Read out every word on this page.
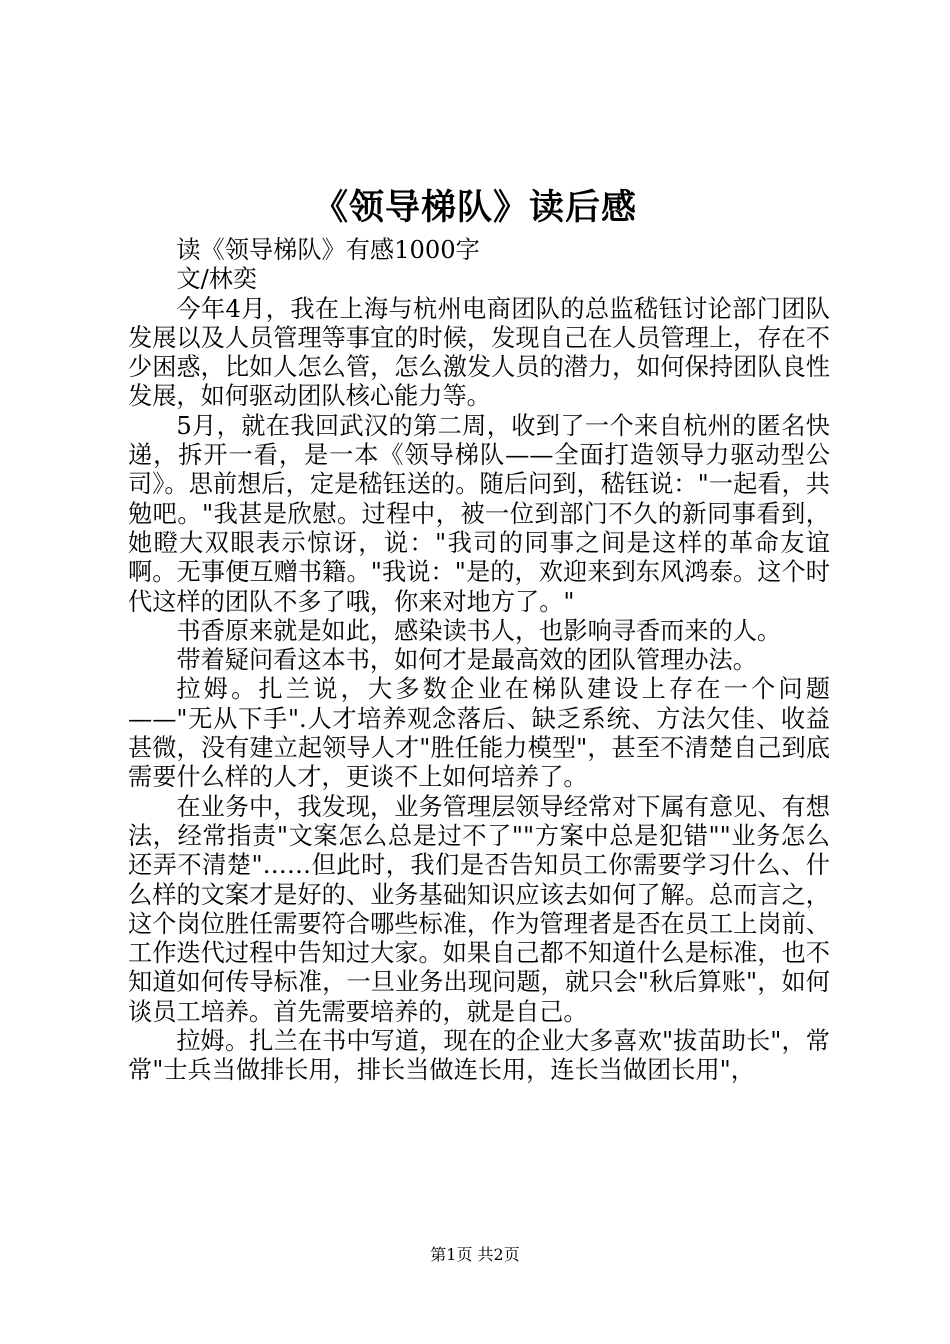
《领导梯队》读后感

读《领导梯队》有感1000字

文/林奕

今年4月，我在上海与杭州电商团队的总监嵇钰讨论部门团队发展以及人员管理等事宜的时候，发现自己在人员管理上，存在不少困惑，比如人怎么管，怎么激发人员的潜力，如何保持团队良性发展，如何驱动团队核心能力等。

5月，就在我回武汉的第二周，收到了一个来自杭州的匿名快递，拆开一看，是一本《领导梯队——全面打造领导力驱动型公司》。思前想后，定是嵇钰送的。随后问到，嵇钰说："一起看，共勉吧。"我甚是欣慰。过程中，被一位到部门不久的新同事看到，她瞪大双眼表示惊讶，说："我司的同事之间是这样的革命友谊啊。无事便互赠书籍。"我说："是的，欢迎来到东风鸿泰。这个时代这样的团队不多了哦，你来对地方了。"

书香原来就是如此，感染读书人，也影响寻香而来的人。

带着疑问看这本书，如何才是最高效的团队管理办法。

拉姆。扎兰说，大多数企业在梯队建设上存在一个问题——"无从下手".人才培养观念落后、缺乏系统、方法欠佳、收益甚微，没有建立起领导人才"胜任能力模型"，甚至不清楚自己到底需要什么样的人才，更谈不上如何培养了。

在业务中，我发现，业务管理层领导经常对下属有意见、有想法，经常指责"文案怎么总是过不了""方案中总是犯错""业务怎么还弄不清楚"……但此时，我们是否告知员工你需要学习什么、什么样的文案才是好的、业务基础知识应该去如何了解。总而言之，这个岗位胜任需要符合哪些标准，作为管理者是否在员工上岗前、工作迭代过程中告知过大家。如果自己都不知道什么是标准，也不知道如何传导标准，一旦业务出现问题，就只会"秋后算账"，如何谈员工培养。首先需要培养的，就是自己。

拉姆。扎兰在书中写道，现在的企业大多喜欢"拔苗助长"，常常"士兵当做排长用，排长当做连长用，连长当做团长用"，

第1页 共2页
